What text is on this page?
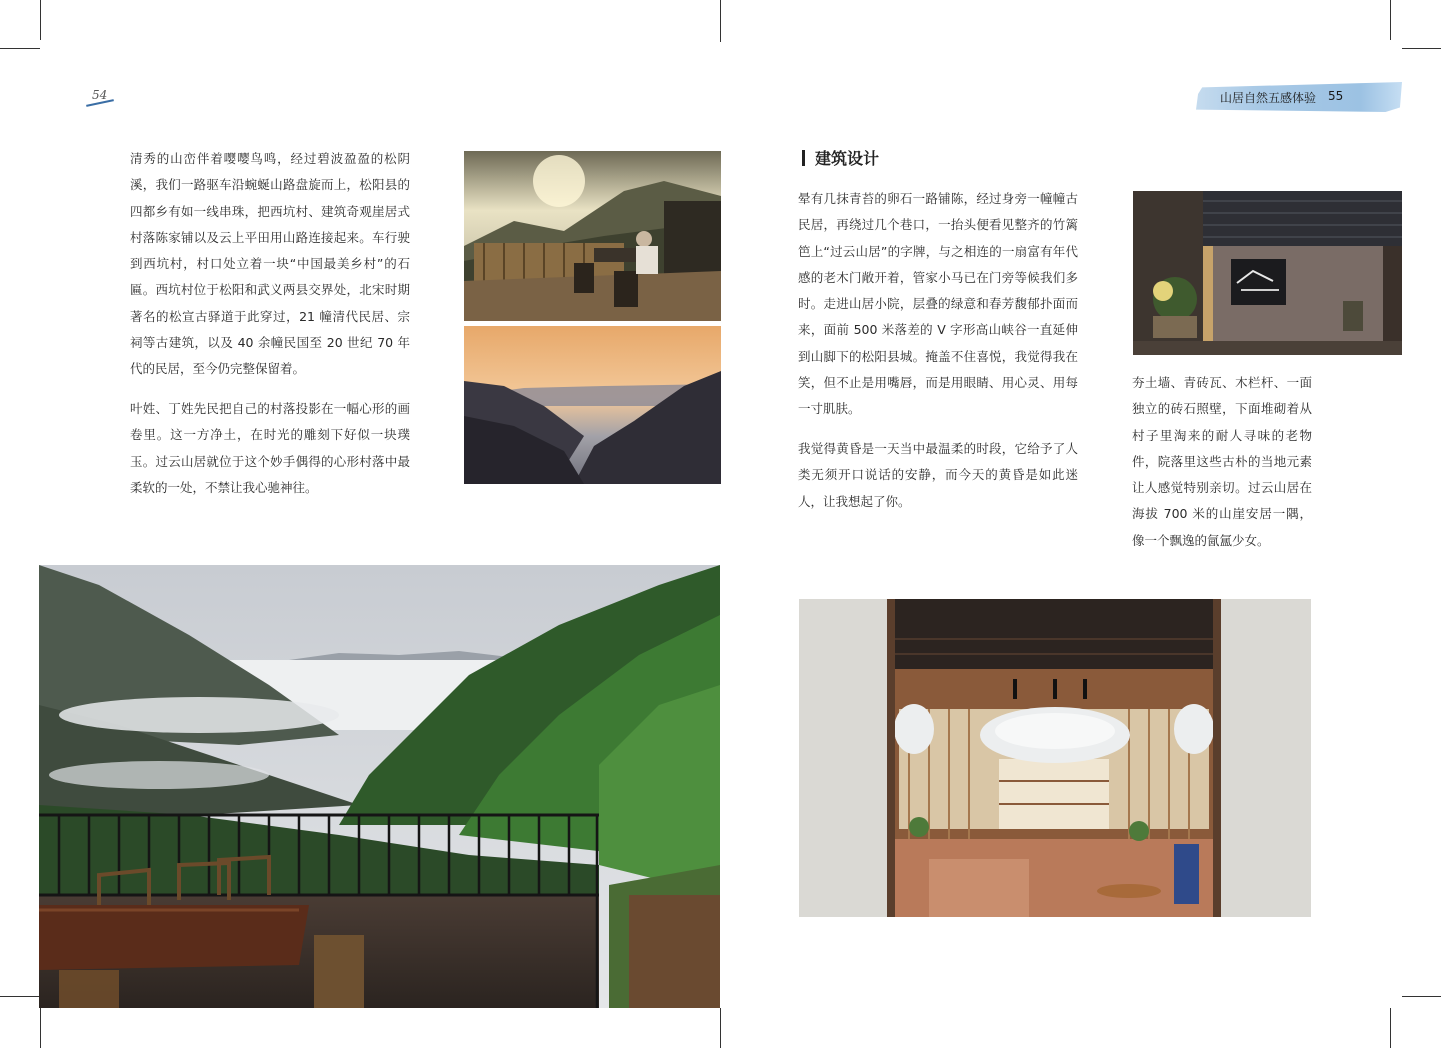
54

清秀的山峦伴着嘤嘤鸟鸣，经过碧波盈盈的松阴溪，我们一路驱车沿蜿蜒山路盘旋而上，松阳县的四都乡有如一线串珠，把西坑村、建筑奇观崖居式村落陈家铺以及云上平田用山路连接起来。车行驶到西坑村，村口处立着一块“中国最美乡村”的石匾。西坑村位于松阳和武义两县交界处，北宋时期著名的松宣古驿道于此穿过，21 幢清代民居、宗祠等古建筑，以及 40 余幢民国至 20 世纪 70 年代的民居，至今仍完整保留着。

叶姓、丁姓先民把自己的村落投影在一幅心形的画卷里。这一方净土，在时光的雕刻下好似一块璞玉。过云山居就位于这个妙手偶得的心形村落中最柔软的一处，不禁让我心驰神往。

山居自然五感体验 55
建筑设计

晕有几抹青苔的卵石一路铺陈，经过身旁一幢幢古民居，再绕过几个巷口，一抬头便看见整齐的竹篱笆上“过云山居”的字牌，与之相连的一扇富有年代感的老木门敞开着，管家小马已在门旁等候我们多时。走进山居小院，层叠的绿意和春芳馥郁扑面而来，面前 500 米落差的 V 字形高山峡谷一直延伸到山脚下的松阳县城。掩盖不住喜悦，我觉得我在笑，但不止是用嘴唇，而是用眼睛、用心灵、用每一寸肌肤。

我觉得黄昏是一天当中最温柔的时段，它给予了人类无须开口说话的安静，而今天的黄昏是如此迷人，让我想起了你。

夯土墙、青砖瓦、木栏杆、一面独立的砖石照壁，下面堆砌着从村子里淘来的耐人寻味的老物件，院落里这些古朴的当地元素让人感觉特别亲切。过云山居在海拔 700 米的山崖安居一隅，像一个飘逸的氤氲少女。
